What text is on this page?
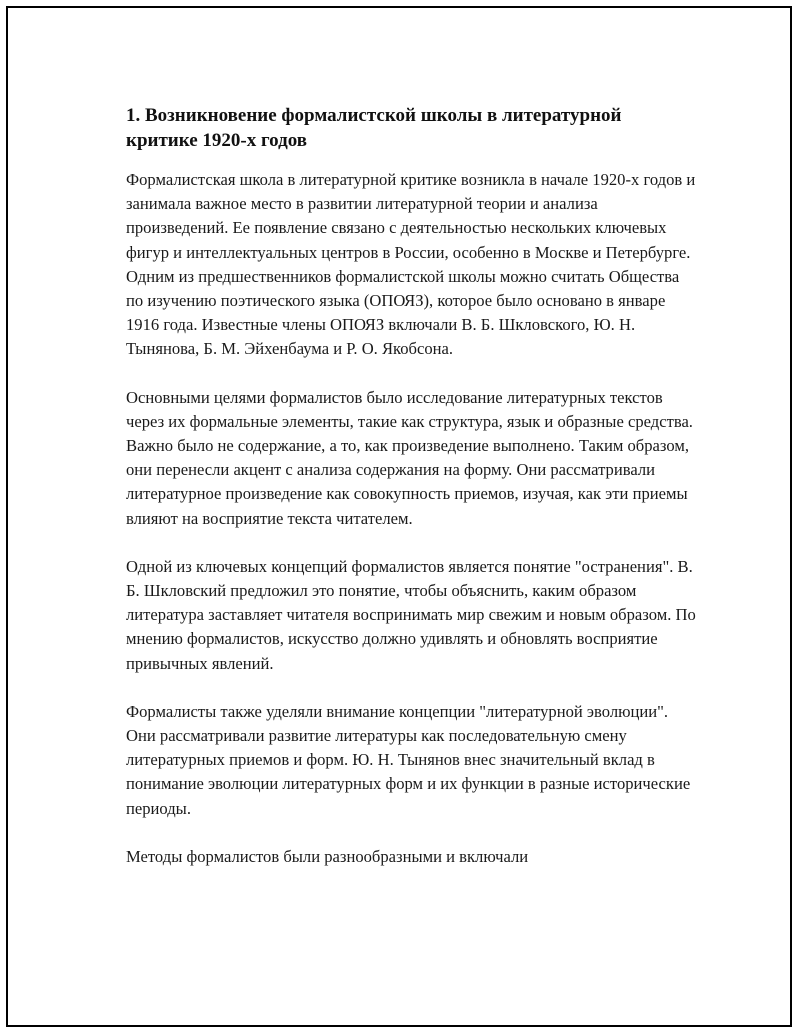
1. Возникновение формалистской школы в литературной критике 1920-х годов

Формалистская школа в литературной критике возникла в начале 1920-х годов и занимала важное место в развитии литературной теории и анализа произведений. Ее появление связано с деятельностью нескольких ключевых фигур и интеллектуальных центров в России, особенно в Москве и Петербурге. Одним из предшественников формалистской школы можно считать Общества по изучению поэтического языка (ОПОЯЗ), которое было основано в январе 1916 года. Известные члены ОПОЯЗ включали В. Б. Шкловского, Ю. Н. Тынянова, Б. М. Эйхенбаума и Р. О. Якобсона.

Основными целями формалистов было исследование литературных текстов через их формальные элементы, такие как структура, язык и образные средства. Важно было не содержание, а то, как произведение выполнено. Таким образом, они перенесли акцент с анализа содержания на форму. Они рассматривали литературное произведение как совокупность приемов, изучая, как эти приемы влияют на восприятие текста читателем.

Одной из ключевых концепций формалистов является понятие "остранения". В. Б. Шкловский предложил это понятие, чтобы объяснить, каким образом литература заставляет читателя воспринимать мир свежим и новым образом. По мнению формалистов, искусство должно удивлять и обновлять восприятие привычных явлений.

Формалисты также уделяли внимание концепции "литературной эволюции". Они рассматривали развитие литературы как последовательную смену литературных приемов и форм. Ю. Н. Тынянов внес значительный вклад в понимание эволюции литературных форм и их функции в разные исторические периоды.

Методы формалистов были разнообразными и включали
